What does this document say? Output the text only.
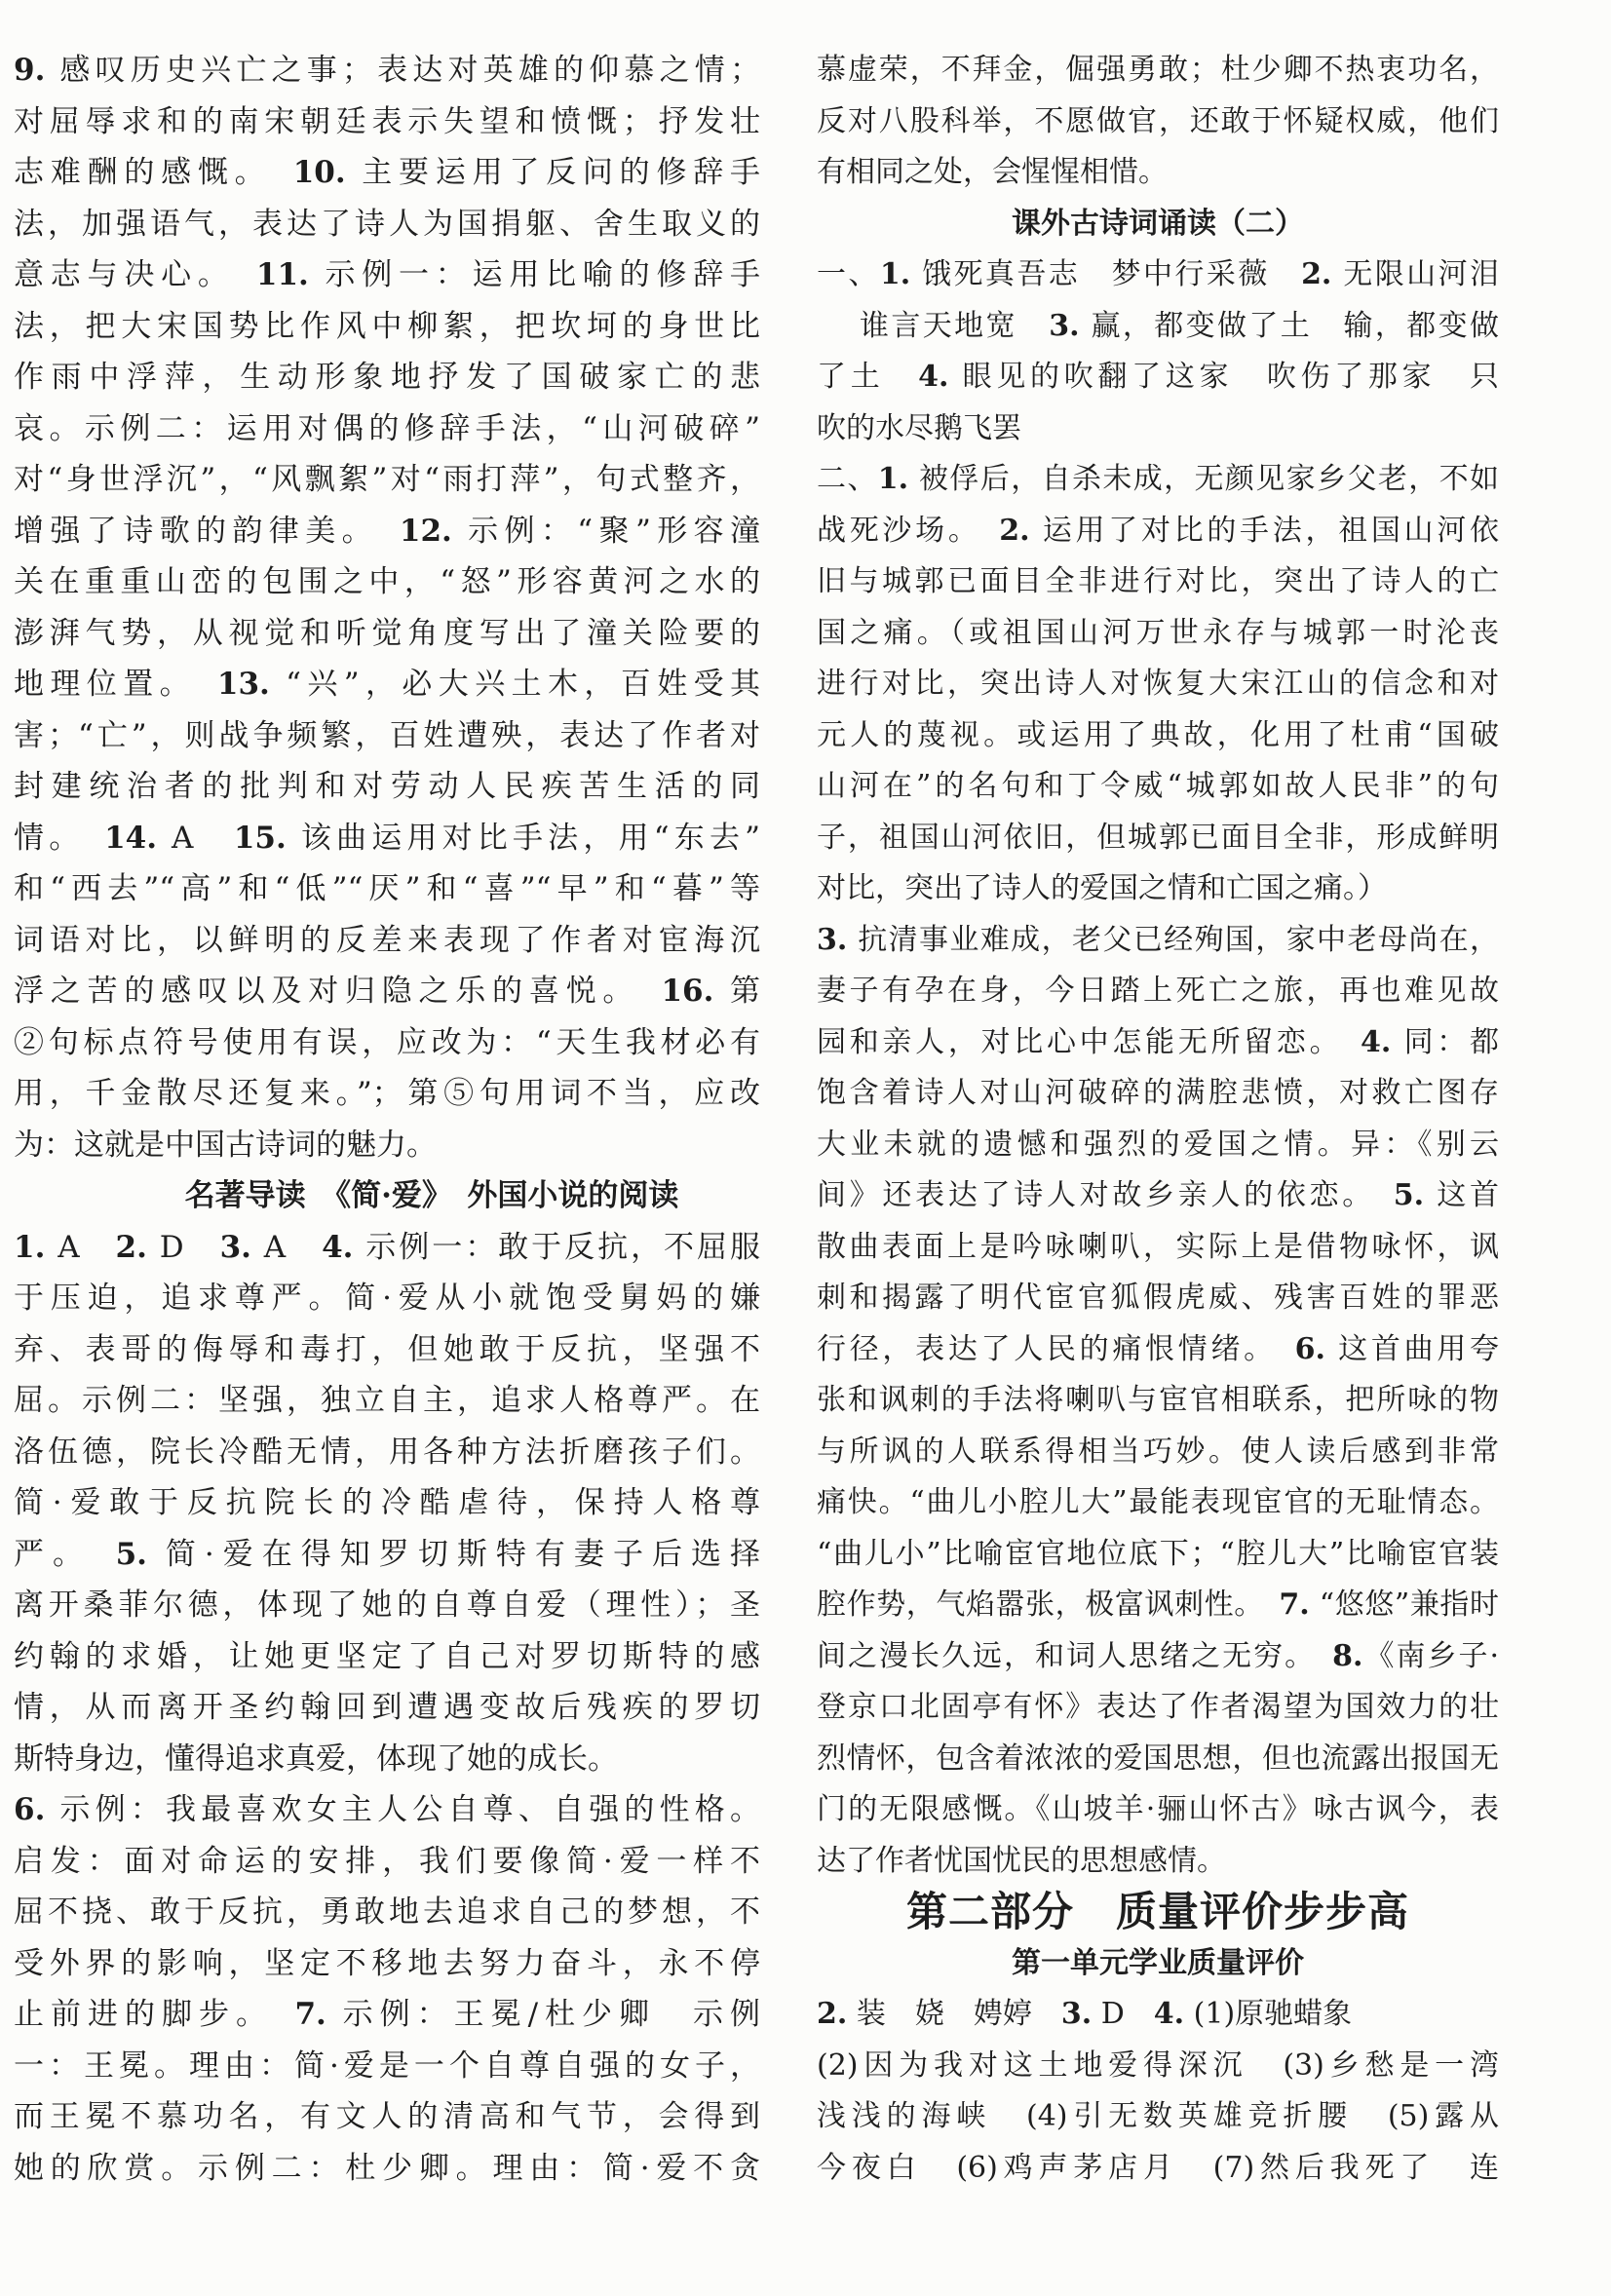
9. 感叹历史兴亡之事；表达对英雄的仰慕之情；
对屈辱求和的南宋朝廷表示失望和愤慨；抒发壮
志难酬的感慨。　10. 主要运用了反问的修辞手
法，加强语气，表达了诗人为国捐躯、舍生取义的
意志与决心。　11. 示例一：运用比喻的修辞手
法，把大宋国势比作风中柳絮，把坎坷的身世比
作雨中浮萍，生动形象地抒发了国破家亡的悲
哀。示例二：运用对偶的修辞手法，“山河破碎”
对“身世浮沉”，“风飘絮”对“雨打萍”，句式整齐，
增强了诗歌的韵律美。　12. 示例：“聚”形容潼
关在重重山峦的包围之中，“怒”形容黄河之水的
澎湃气势，从视觉和听觉角度写出了潼关险要的
地理位置。　13. “兴”，必大兴土木，百姓受其
害；“亡”，则战争频繁，百姓遭殃，表达了作者对
封建统治者的批判和对劳动人民疾苦生活的同
情。　14. A　15. 该曲运用对比手法，用“东去”
和“西去”“高”和“低”“厌”和“喜”“早”和“暮”等
词语对比，以鲜明的反差来表现了作者对宦海沉
浮之苦的感叹以及对归隐之乐的喜悦。　16. 第
②句标点符号使用有误，应改为：“天生我材必有
用，千金散尽还复来。”；第⑤句用词不当，应改
为：这就是中国古诗词的魅力。
名著导读　《简·爱》　外国小说的阅读
1. A　2. D　3. A　4. 示例一：敢于反抗，不屈服
于压迫，追求尊严。简·爱从小就饱受舅妈的嫌
弃、表哥的侮辱和毒打，但她敢于反抗，坚强不
屈。示例二：坚强，独立自主，追求人格尊严。在
洛伍德，院长冷酷无情，用各种方法折磨孩子们。
简·爱敢于反抗院长的冷酷虐待，保持人格尊
严。　5. 简·爱在得知罗切斯特有妻子后选择
离开桑菲尔德，体现了她的自尊自爱（理性）；圣
约翰的求婚，让她更坚定了自己对罗切斯特的感
情，从而离开圣约翰回到遭遇变故后残疾的罗切
斯特身边，懂得追求真爱，体现了她的成长。
6. 示例：我最喜欢女主人公自尊、自强的性格。
启发：面对命运的安排，我们要像简·爱一样不
屈不挠、敢于反抗，勇敢地去追求自己的梦想，不
受外界的影响，坚定不移地去努力奋斗，永不停
止前进的脚步。　7. 示例：王冕/杜少卿　示例
一：王冕。理由：简·爱是一个自尊自强的女子，
而王冕不慕功名，有文人的清高和气节，会得到
她的欣赏。示例二：杜少卿。理由：简·爱不贪
慕虚荣，不拜金，倔强勇敢；杜少卿不热衷功名，
反对八股科举，不愿做官，还敢于怀疑权威，他们
有相同之处，会惺惺相惜。
课外古诗词诵读（二）
一、1. 饿死真吾志　梦中行采薇　2. 无限山河泪
谁言天地宽　3. 赢，都变做了土　输，都变做
了土　4. 眼见的吹翻了这家　吹伤了那家　只
吹的水尽鹅飞罢
二、1. 被俘后，自杀未成，无颜见家乡父老，不如
战死沙场。　2. 运用了对比的手法，祖国山河依
旧与城郭已面目全非进行对比，突出了诗人的亡
国之痛。（或祖国山河万世永存与城郭一时沦丧
进行对比，突出诗人对恢复大宋江山的信念和对
元人的蔑视。或运用了典故，化用了杜甫“国破
山河在”的名句和丁令威“城郭如故人民非”的句
子，祖国山河依旧，但城郭已面目全非，形成鲜明
对比，突出了诗人的爱国之情和亡国之痛。）
3. 抗清事业难成，老父已经殉国，家中老母尚在，
妻子有孕在身，今日踏上死亡之旅，再也难见故
园和亲人，对比心中怎能无所留恋。　4. 同：都
饱含着诗人对山河破碎的满腔悲愤，对救亡图存
大业未就的遗憾和强烈的爱国之情。异：《别云
间》还表达了诗人对故乡亲人的依恋。　5. 这首
散曲表面上是吟咏喇叭，实际上是借物咏怀，讽
刺和揭露了明代宦官狐假虎威、残害百姓的罪恶
行径，表达了人民的痛恨情绪。　6. 这首曲用夸
张和讽刺的手法将喇叭与宦官相联系，把所咏的物
与所讽的人联系得相当巧妙。使人读后感到非常
痛快。“曲儿小腔儿大”最能表现宦官的无耻情态。
“曲儿小”比喻宦官地位底下；“腔儿大”比喻宦官装
腔作势，气焰嚣张，极富讽刺性。　7. “悠悠”兼指时
间之漫长久远，和词人思绪之无穷。　8.《南乡子·
登京口北固亭有怀》表达了作者渴望为国效力的壮
烈情怀，包含着浓浓的爱国思想，但也流露出报国无
门的无限感慨。《山坡羊·骊山怀古》咏古讽今，表
达了作者忧国忧民的思想感情。
第二部分　质量评价步步高
第一单元学业质量评价
2. 装　娆　娉婷　3. D　4. (1)原驰蜡象
(2)因为我对这土地爱得深沉　(3)乡愁是一湾
浅浅的海峡　(4)引无数英雄竞折腰　(5)露从
今夜白　(6)鸡声茅店月　(7)然后我死了　连
